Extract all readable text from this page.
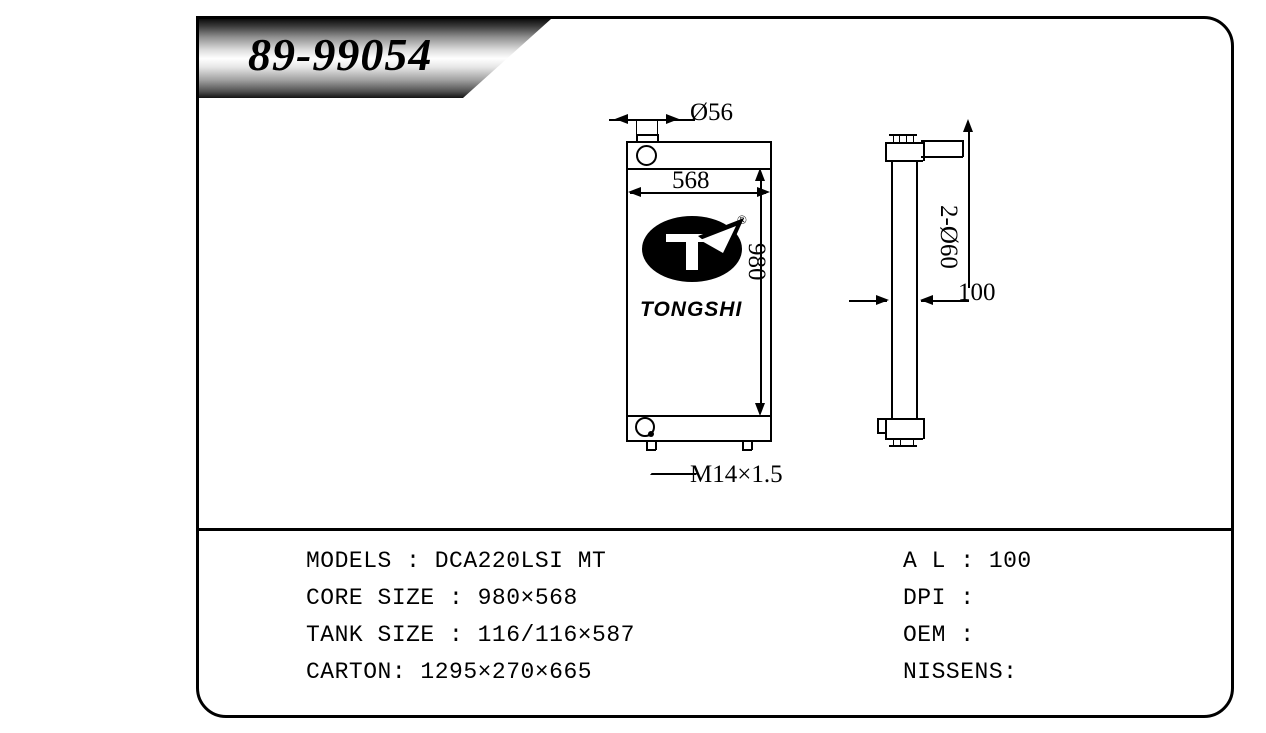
89-99054
M14×1.5
Ø56
568
980
®
TONGSHI
2-Ø60
100
MODELS : DCA220LSI MT
CORE SIZE : 980×568
TANK SIZE : 116/116×587
CARTON: 1295×270×665
A L : 100
DPI :
OEM :
NISSENS:
